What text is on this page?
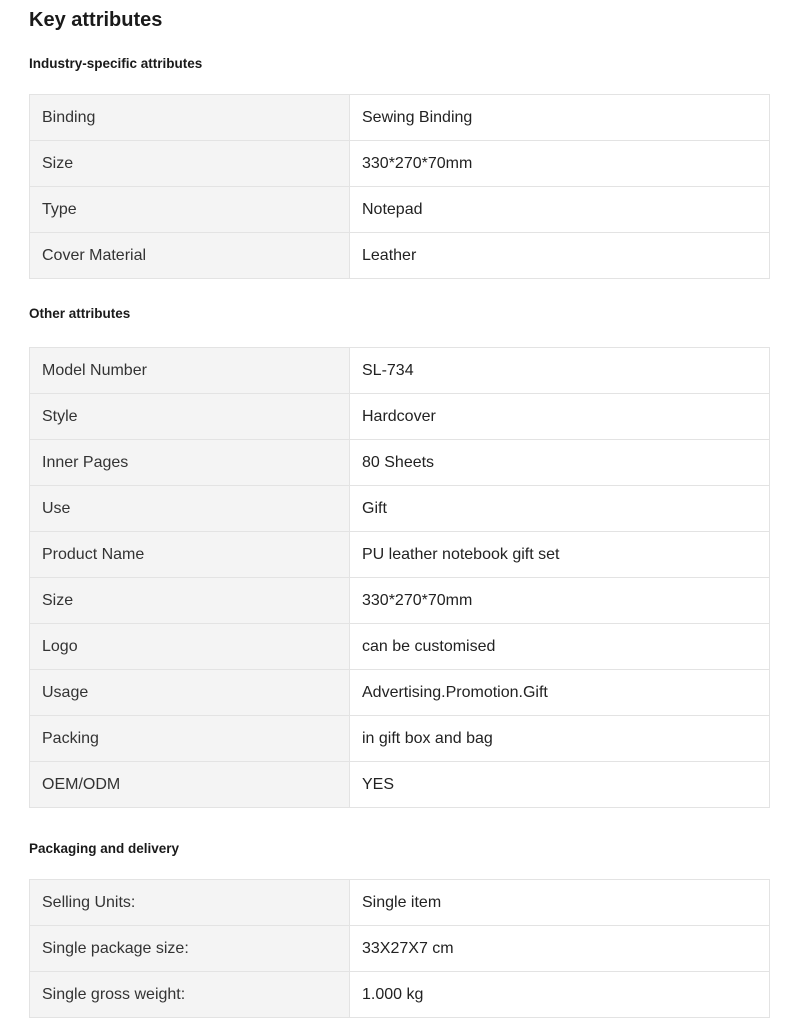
Key attributes
Industry-specific attributes
Binding	Sewing Binding
Size	330*270*70mm
Type	Notepad
Cover Material	Leather
Other attributes
Model Number	SL-734
Style	Hardcover
Inner Pages	80 Sheets
Use	Gift
Product Name	PU leather notebook gift set
Size	330*270*70mm
Logo	can be customised
Usage	Advertising.Promotion.Gift
Packing	in gift box and bag
OEM/ODM	YES
Packaging and delivery
Selling Units:	Single item
Single package size:	33X27X7 cm
Single gross weight:	1.000 kg
